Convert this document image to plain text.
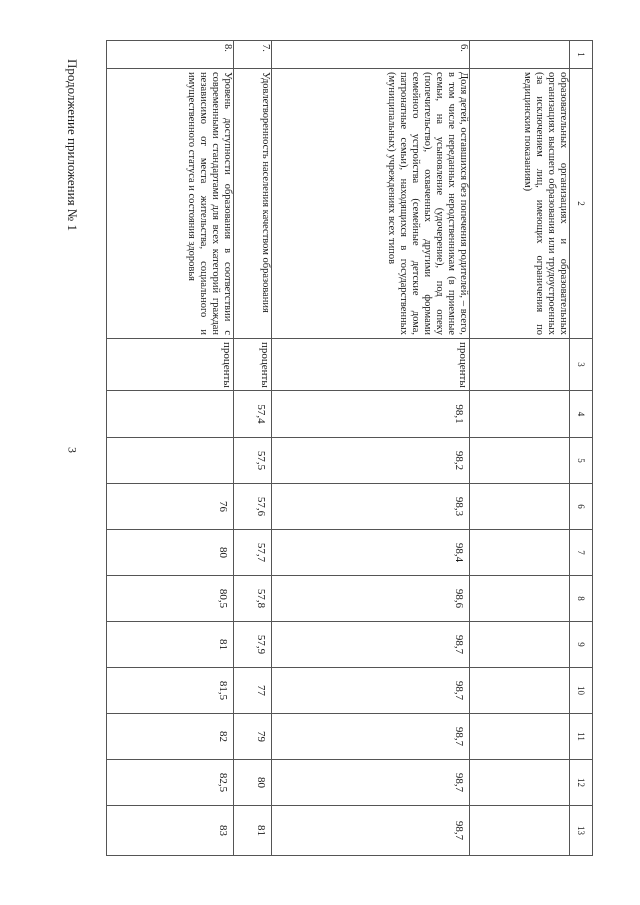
3
Продолжение приложения № 1
1	2	3	4	5	6	7	8	9	10	11	12	13
	образовательных организациях и образовательных организациях высшего образования или трудоустроенных (за исключением лиц, имеющих ограничения по медицинским показаниям)											
6.	Доля детей, оставшихся без попечения родителей, – всего, в том числе переданных неродственникам (в приемные семьи, на усыновление (удочерение), под опеку (попечительство), охваченных другими формами семейного устройства (семейные детские дома, патронатные семьи), находящихся в государственных (муниципальных) учреждениях всех типов	проценты	98,1	98,2	98,3	98,4	98,6	98,7	98,7	98,7	98,7	98,7
7.	Удовлетворенность населения качеством образования	проценты	57,4	57,5	57,6	57,7	57,8	57,9	77	79	80	81
8.	Уровень доступности образования в соответствии с современными стандартами для всех категорий граждан независимо от места жительства, социального и имущественного статуса и состояния здоровья	проценты			76	80	80,5	81	81,5	82	82,5	83
